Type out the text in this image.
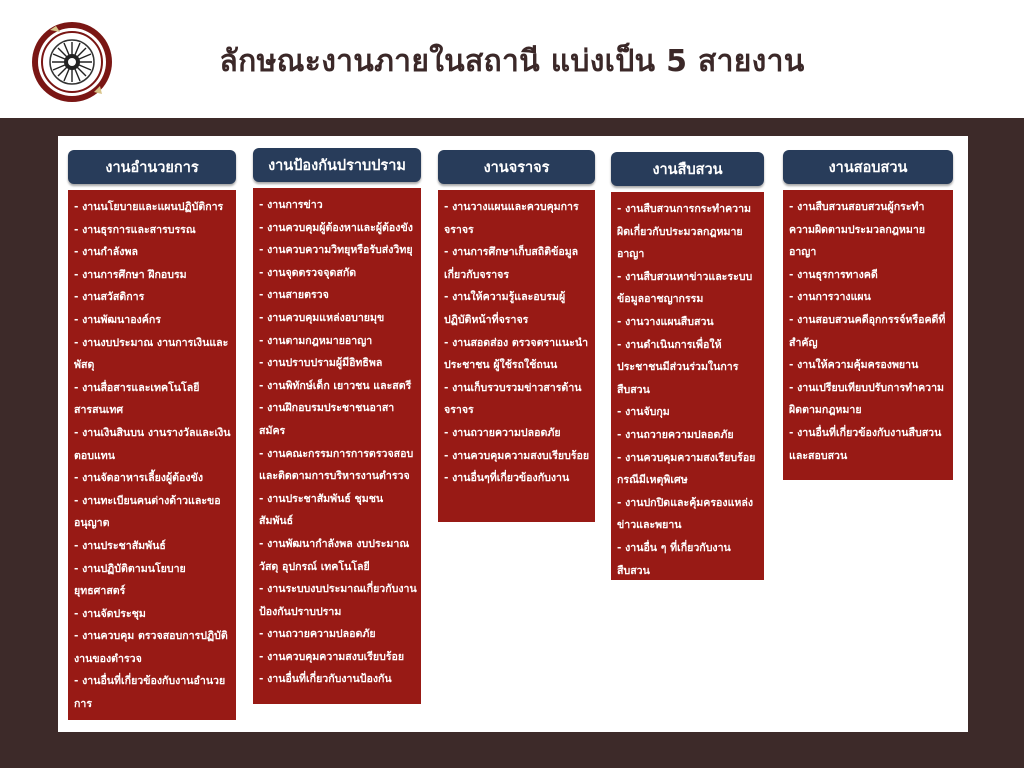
ลักษณะงานภายในสถานี แบ่งเป็น 5 สายงาน
งานอำนวยการ
- งานนโยบายและแผนปฏิบัติการ
- งานธุรการและสารบรรณ
- งานกำลังพล
- งานการศึกษา ฝึกอบรม
- งานสวัสดิการ
- งานพัฒนาองค์กร
- งานงบประมาณ งานการเงินและพัสดุ
- งานสื่อสารและเทคโนโลยีสารสนเทศ
- งานเงินสินบน งานรางวัลและเงินตอบแทน
- งานจัดอาหารเลี้ยงผู้ต้องขัง
- งานทะเบียนคนต่างด้าวและขออนุญาต
- งานประชาสัมพันธ์
- งานปฏิบัติตามนโยบายยุทธศาสตร์
- งานจัดประชุม
- งานควบคุม ตรวจสอบการปฏิบัติงานของตำรวจ
- งานอื่นที่เกี่ยวข้องกับงานอำนวยการ
งานป้องกันปราบปราม
- งานการข่าว
- งานควบคุมผู้ต้องหาและผู้ต้องขัง
- งานควบความวิทยุหรือรับส่งวิทยุ
- งานจุดตรวจจุดสกัด
- งานสายตรวจ
- งานควบคุมแหล่งอบายมุข
- งานตามกฎหมายอาญา
- งานปราบปรามผู้มีอิทธิพล
- งานพิทักษ์เด็ก เยาวชน และสตรี
- งานฝึกอบรมประชาชนอาสาสมัคร
- งานคณะกรรมการการตรวจสอบและติดตามการบริหารงานตำรวจ
- งานประชาสัมพันธ์ ชุมชนสัมพันธ์
- งานพัฒนากำลังพล งบประมาณ วัสดุ อุปกรณ์ เทคโนโลยี
- งานระบบงบประมาณเกี่ยวกับงานป้องกันปราบปราม
- งานถวายความปลอดภัย
- งานควบคุมความสงบเรียบร้อย
- งานอื่นที่เกี่ยวกับงานป้องกัน
งานจราจร
- งานวางแผนและควบคุมการจราจร
- งานการศึกษาเก็บสถิติข้อมูลเกี่ยวกับจราจร
- งานให้ความรู้และอบรมผู้ปฏิบัติหน้าที่จราจร
- งานสอดส่อง ตรวจตราแนะนำประชาชน ผู้ใช้รถใช้ถนน
- งานเก็บรวบรวมข่าวสารด้านจราจร
- งานถวายความปลอดภัย
- งานควบคุมความสงบเรียบร้อย
- งานอื่นๆที่เกี่ยวข้องกับงาน
งานสืบสวน
- งานสืบสวนการกระทำความผิดเกี่ยวกับประมวลกฎหมายอาญา
- งานสืบสวนหาข่าวและระบบข้อมูลอาชญากรรม
- งานวางแผนสืบสวน
- งานดำเนินการเพื่อให้ประชาชนมีส่วนร่วมในการสืบสวน
- งานจับกุม
- งานถวายความปลอดภัย
- งานควบคุมความสงเรียบร้อยกรณีมีเหตุพิเศษ
- งานปกปิดและคุ้มครองแหล่งข่าวและพยาน
- งานอื่น ๆ ที่เกี่ยวกับงานสืบสวน
งานสอบสวน
- งานสืบสวนสอบสวนผู้กระทำความผิดตามประมวลกฎหมายอาญา
- งานธุรการทางคดี
- งานการวางแผน
- งานสอบสวนคดีอุกกรรจ์หรือคดีที่สำคัญ
- งานให้ความคุ้มครองพยาน
- งานเปรียบเทียบปรับการทำความผิดตามกฎหมาย
- งานอื่นที่เกี่ยวข้องกับงานสืบสวนและสอบสวน
